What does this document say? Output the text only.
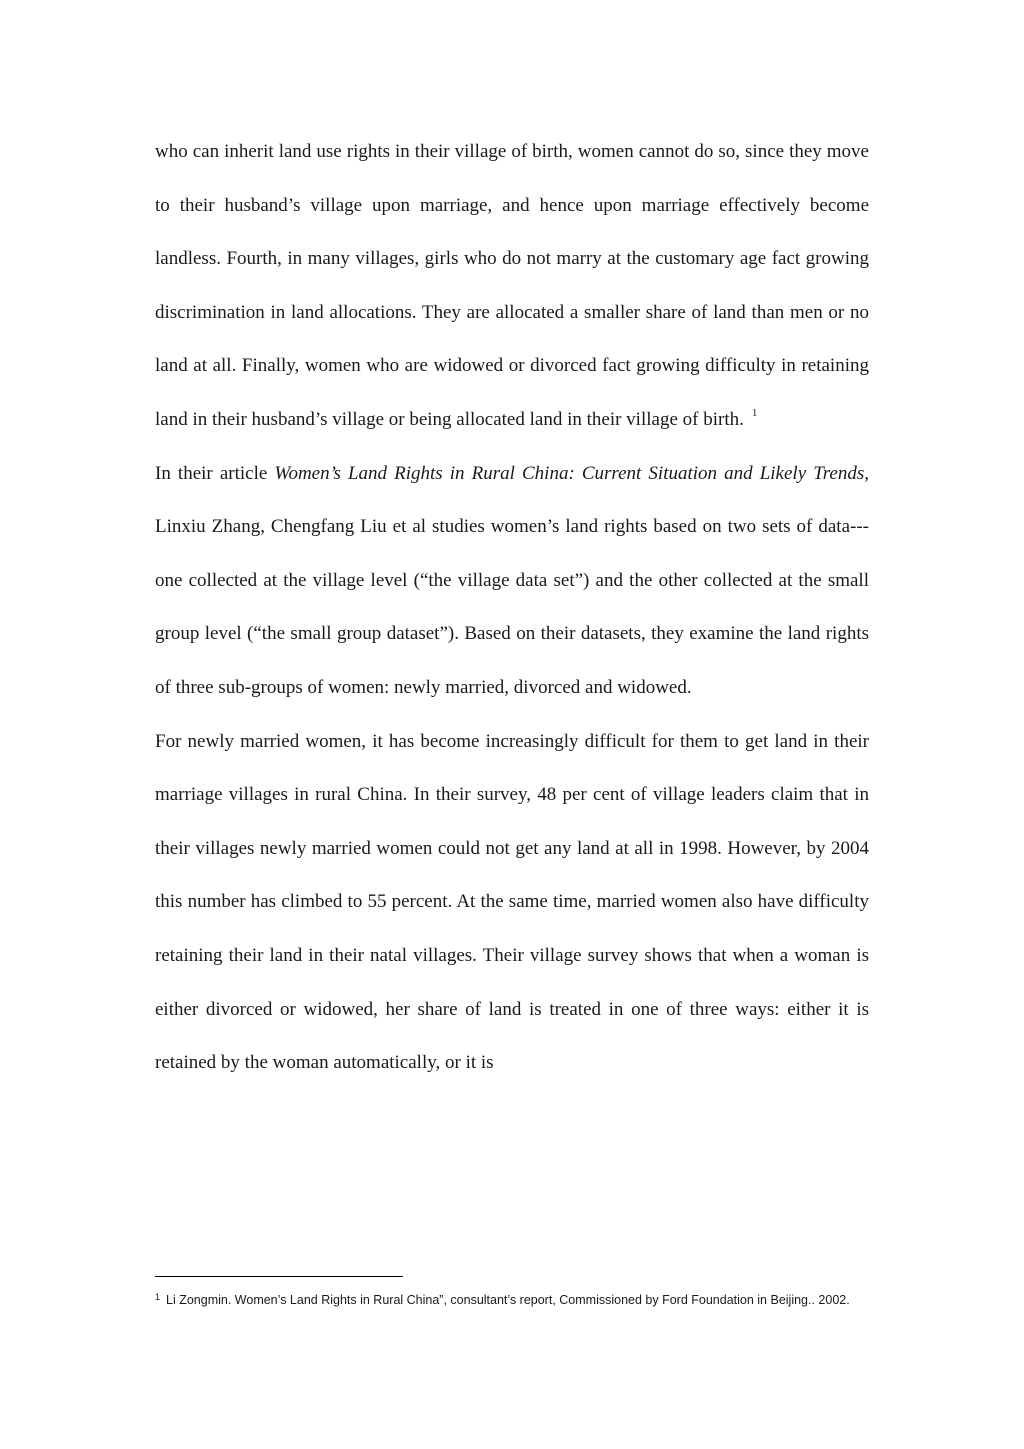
who can inherit land use rights in their village of birth, women cannot do so, since they move to their husband’s village upon marriage, and hence upon marriage effectively become landless. Fourth, in many villages, girls who do not marry at the customary age fact growing discrimination in land allocations. They are allocated a smaller share of land than men or no land at all. Finally, women who are widowed or divorced fact growing difficulty in retaining land in their husband’s village or being allocated land in their village of birth. $^1$

In their article Women’s Land Rights in Rural China: Current Situation and Likely Trends, Linxiu Zhang, Chengfang Liu et al studies women’s land rights based on two sets of data---one collected at the village level (“the village data set”) and the other collected at the small group level (“the small group dataset”). Based on their datasets, they examine the land rights of three sub-groups of women: newly married, divorced and widowed.

For newly married women, it has become increasingly difficult for them to get land in their marriage villages in rural China. In their survey, 48 per cent of village leaders claim that in their villages newly married women could not get any land at all in 1998. However, by 2004 this number has climbed to 55 percent. At the same time, married women also have difficulty retaining their land in their natal villages. Their village survey shows that when a woman is either divorced or widowed, her share of land is treated in one of three ways: either it is retained by the woman automatically, or it is

$^1$ Li Zongmin. Women’s Land Rights in Rural China”, consultant’s report, Commissioned by Ford Foundation in Beijing.. 2002.
